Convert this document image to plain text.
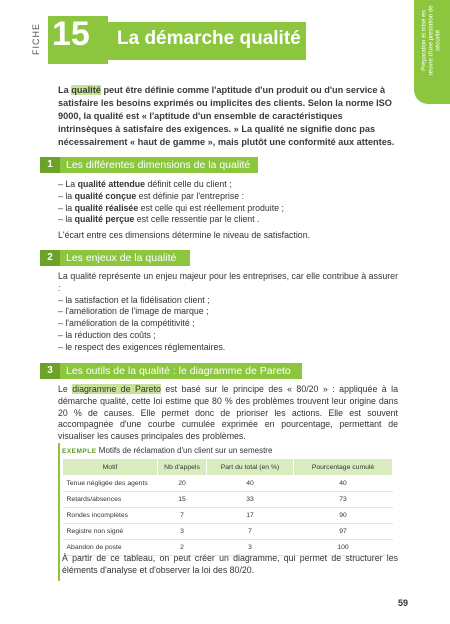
FICHE 15 La démarche qualité	Préparation et mise en œuvre d'une prestation de sécurité
La qualité peut être définie comme l'aptitude d'un produit ou d'un service à satisfaire les besoins exprimés ou implicites des clients. Selon la norme ISO 9000, la qualité est « l'aptitude d'un ensemble de caractéristiques intrinsèques à satisfaire des exigences. » La qualité ne signifie donc pas nécessairement « haut de gamme », mais plutôt une conformité aux attentes.
1	Les différentes dimensions de la qualité

– La qualité attendue définit celle du client ;

– la qualité conçue est définie par l'entreprise :

– la qualité réalisée est celle qui est réellement produite ;

– la qualité perçue est celle ressentie par le client .

L'écart entre ces dimensions détermine le niveau de satisfaction.

2	Les enjeux de la qualité

La qualité représente un enjeu majeur pour les entreprises, car elle contribue à assurer :

– la satisfaction et la fidélisation client ;

– l'amélioration de l'image de marque ;

– l'amélioration de la compétitivité ;

– la réduction des coûts ;

– le respect des exigences réglementaires.

3	Les outils de la qualité : le diagramme de Pareto
Le diagramme de Pareto est basé sur le principe des « 80/20 » : appliquée à la démarche qualité, cette loi estime que 80 % des problèmes trouvent leur origine dans 20 % de causes. Elle permet donc de prioriser les actions. Elle est souvent accompagnée d'une courbe cumulée exprimée en pourcentage, permettant de visualiser les causes principales des problèmes.
EXEMPLE Motifs de réclamation d'un client sur un semestre
Motif	Nb d'appels	Part du total (en %)	Pourcentage cumulé
Tenue négligée des agents	20	40	40
Retards/absences	15	33	73
Rondes incomplètes	7	17	90
Registre non signé	3	7	97
Abandon de poste	2	3	100
À partir de ce tableau, on peut créer un diagramme, qui permet de structurer les éléments d'analyse et d'observer la loi des 80/20.
59
